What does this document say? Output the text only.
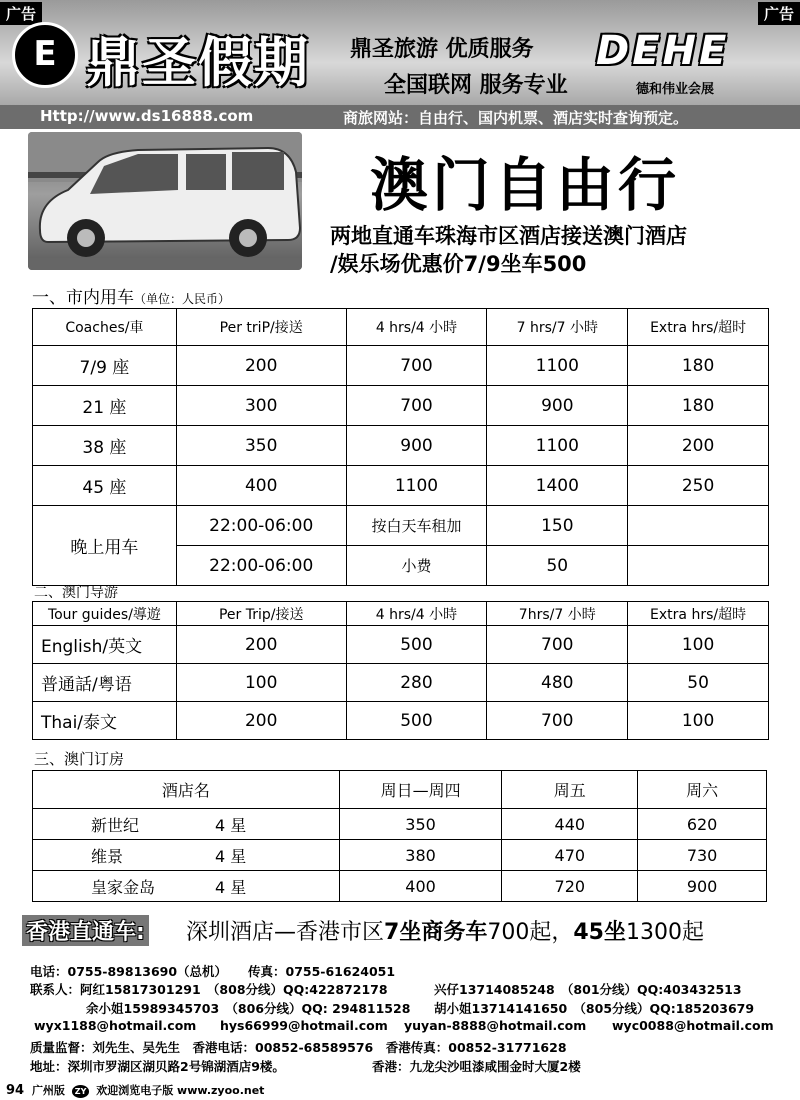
广告	广告
E 鼎圣假期 鼎圣旅游 优质服务
全国联网 服务专业
DEHE
德和伟业会展
Http://www.ds16888.com	商旅网站：自由行、国内机票、酒店实时查询预定。
澳门自由行
两地直通车珠海市区酒店接送澳门酒店
/娱乐场优惠价7/9坐车500
一、市内用车（单位：人民币）
Coaches/車	Per triP/接送	4 hrs/4 小時	7 hrs/7 小時	Extra hrs/超时
7/9 座	200	700	1100	180
21 座	300	700	900	180
38 座	350	900	1100	200
45 座	400	1100	1400	250
晚上用车	22:00-06:00	按白天车租加	150	
	22:00-06:00	小费	50	
二、澳门导游
Tour guides/導遊	Per Trip/接送	4 hrs/4 小時	7hrs/7 小時	Extra hrs/超時
English/英文	200	500	700	100
普通話/粤语	100	280	480	50
Thai/泰文	200	500	700	100
三、澳门订房
酒店名	周日—周四	周五	周六
新世纪 4 星	350	440	620
维景 4 星	380	470	730
皇家金岛 4 星	400	720	900
香港直通车: 深圳酒店—香港市区7坐商务车700起，45坐1300起
电话：0755-89813690（总机） 传真：0755-61624051
联系人：阿红15817301291　（808分线）QQ:422872178	兴仔13714085248　（801分线）QQ:403432513
余小姐15989345703　（806分线）QQ: 294811528 胡小姐13714141650　（805分线）QQ:185203679
wyx1188@hotmail.com hys66999@hotmail.com yuyan-8888@hotmail.com wyc0088@hotmail.com
质量监督：刘先生、吴先生　香港电话：00852-68589576　香港传真：00852-31771628
地址：深圳市罗湖区湖贝路2号锦湖酒店9楼。	香港：九龙尖沙咀漆咸围金时大厦2楼
94 广州版 ZY 欢迎浏览电子版 www.zyoo.net
